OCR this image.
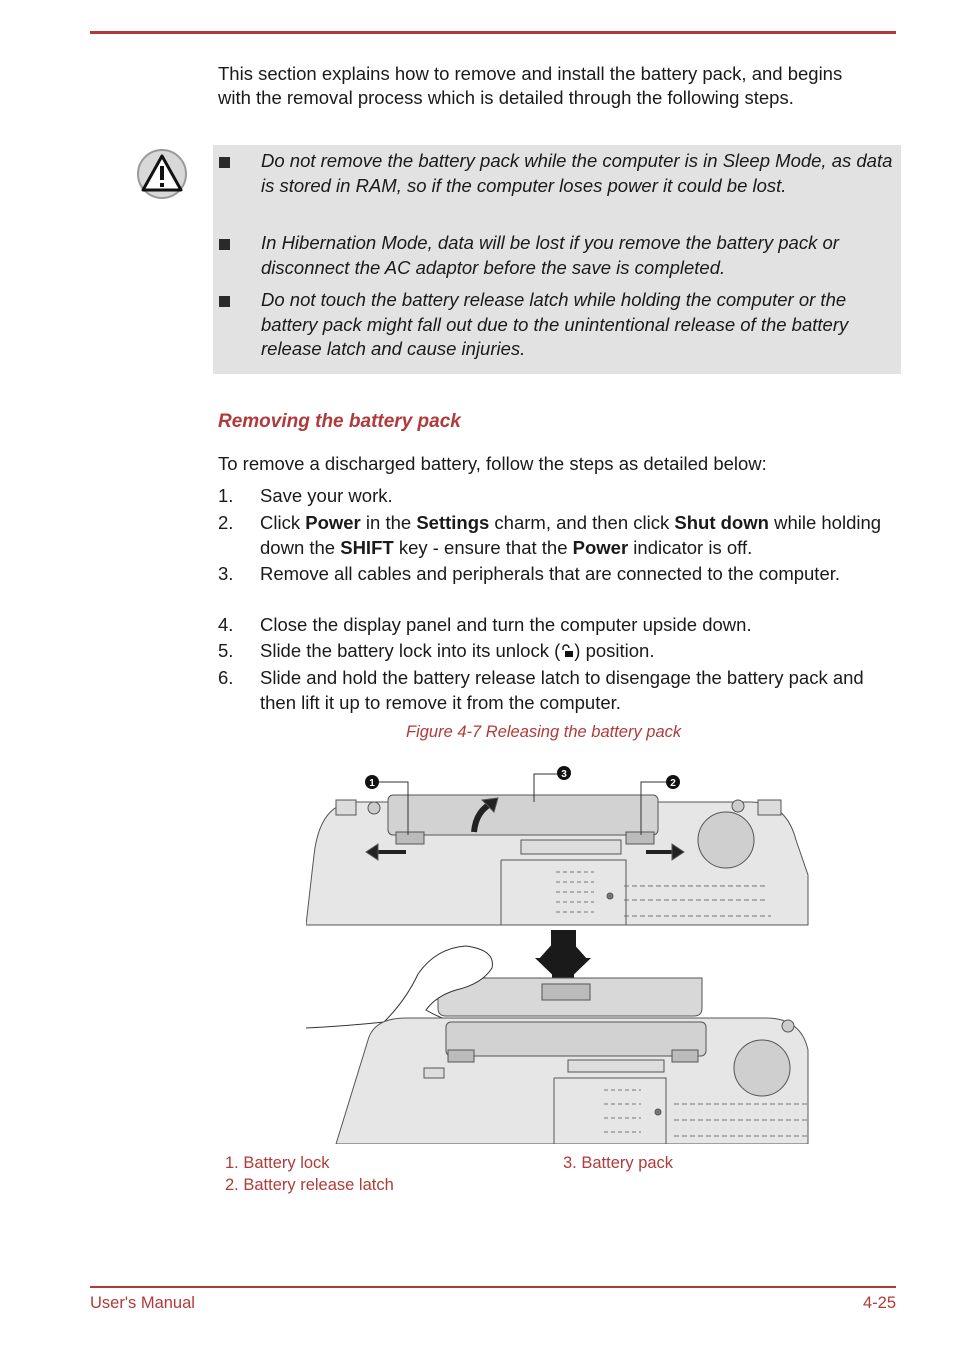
This section explains how to remove and install the battery pack, and begins with the removal process which is detailed through the following steps.
Do not remove the battery pack while the computer is in Sleep Mode, as data is stored in RAM, so if the computer loses power it could be lost.
In Hibernation Mode, data will be lost if you remove the battery pack or disconnect the AC adaptor before the save is completed.
Do not touch the battery release latch while holding the computer or the battery pack might fall out due to the unintentional release of the battery release latch and cause injuries.
Removing the battery pack
To remove a discharged battery, follow the steps as detailed below:
1. Save your work.
2. Click Power in the Settings charm, and then click Shut down while holding down the SHIFT key - ensure that the Power indicator is off.
3. Remove all cables and peripherals that are connected to the computer.
4. Close the display panel and turn the computer upside down.
5. Slide the battery lock into its unlock ( ) position.
6. Slide and hold the battery release latch to disengage the battery pack and then lift it up to remove it from the computer.
Figure 4-7 Releasing the battery pack
1
3
2
1. Battery lock
2. Battery release latch
3. Battery pack
User's Manual	4-25
